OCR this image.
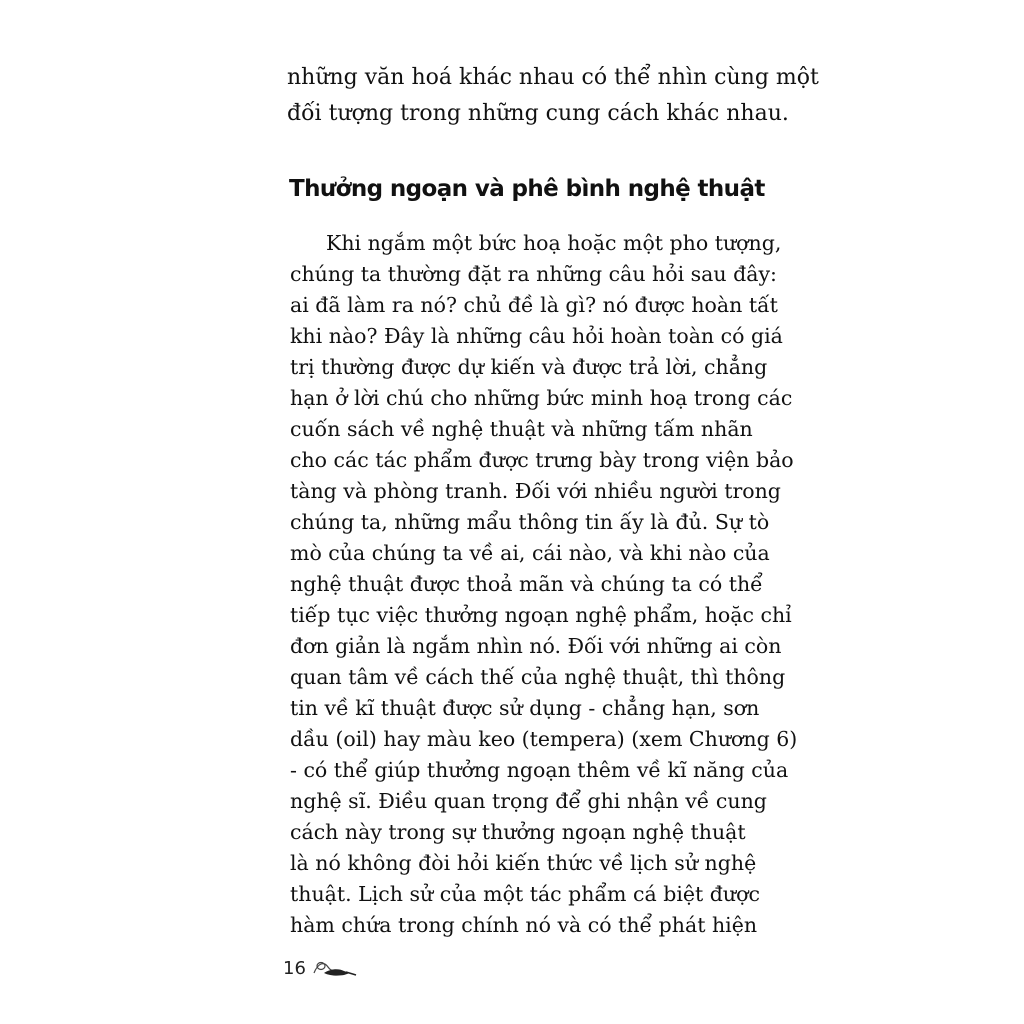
những văn hoá khác nhau có thể nhìn cùng một
đối tượng trong những cung cách khác nhau.
Thưởng ngoạn và phê bình nghệ thuật
Khi ngắm một bức hoạ hoặc một pho tượng,
chúng ta thường đặt ra những câu hỏi sau đây:
ai đã làm ra nó? chủ đề là gì? nó được hoàn tất
khi nào? Đây là những câu hỏi hoàn toàn có giá
trị thường được dự kiến và được trả lời, chẳng
hạn ở lời chú cho những bức minh hoạ trong các
cuốn sách về nghệ thuật và những tấm nhãn
cho các tác phẩm được trưng bày trong viện bảo
tàng và phòng tranh. Đối với nhiều người trong
chúng ta, những mẩu thông tin ấy là đủ. Sự tò
mò của chúng ta về ai, cái nào, và khi nào của
nghệ thuật được thoả mãn và chúng ta có thể
tiếp tục việc thưởng ngoạn nghệ phẩm, hoặc chỉ
đơn giản là ngắm nhìn nó. Đối với những ai còn
quan tâm về cách thế của nghệ thuật, thì thông
tin về kĩ thuật được sử dụng - chẳng hạn, sơn
dầu (oil) hay màu keo (tempera) (xem Chương 6)
- có thể giúp thưởng ngoạn thêm về kĩ năng của
nghệ sĩ. Điều quan trọng để ghi nhận về cung
cách này trong sự thưởng ngoạn nghệ thuật
là nó không đòi hỏi kiến thức về lịch sử nghệ
thuật. Lịch sử của một tác phẩm cá biệt được
hàm chứa trong chính nó và có thể phát hiện
16
